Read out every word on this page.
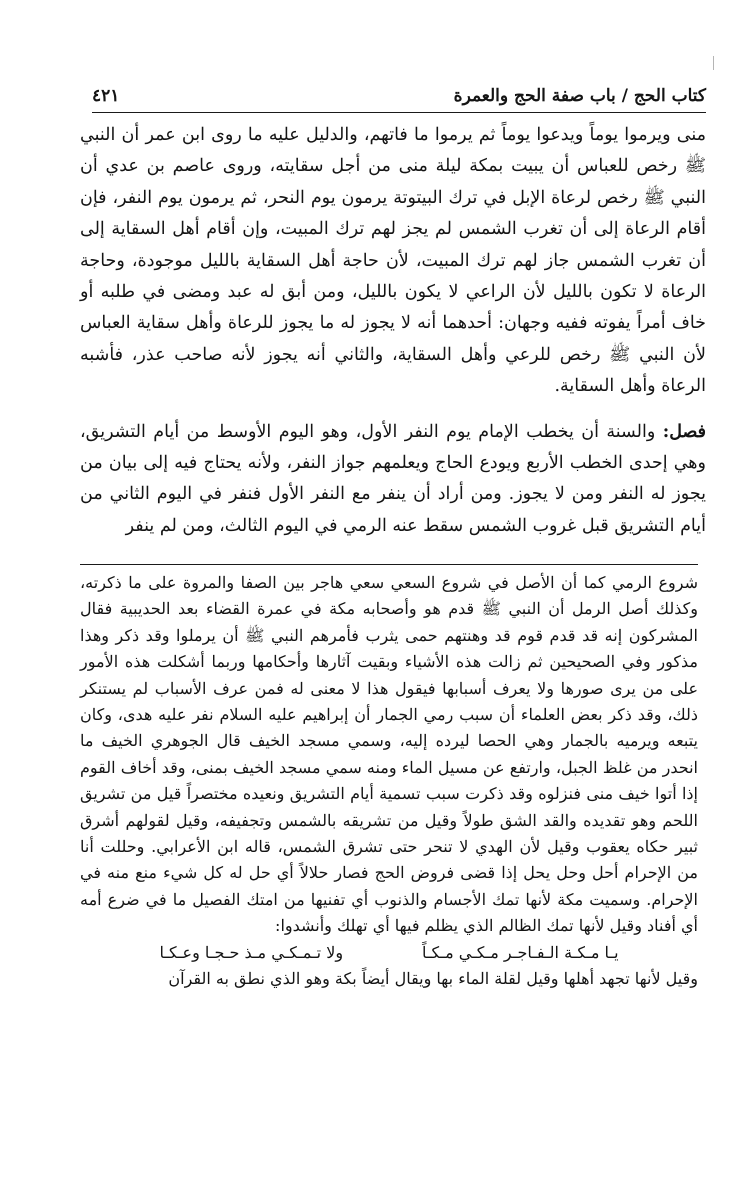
كتاب الحج / باب صفة الحج والعمرة
٤٢١

منى ويرموا يوماً ويدعوا يوماً ثم يرموا ما فاتهم، والدليل عليه ما روى ابن عمر أن النبي ﷺ رخص للعباس أن يبيت بمكة ليلة منى من أجل سقايته، وروى عاصم بن عدي أن النبي ﷺ رخص لرعاة الإبل في ترك البيتوتة يرمون يوم النحر، ثم يرمون يوم النفر، فإن أقام الرعاة إلى أن تغرب الشمس لم يجز لهم ترك المبيت، وإن أقام أهل السقاية إلى أن تغرب الشمس جاز لهم ترك المبيت، لأن حاجة أهل السقاية بالليل موجودة، وحاجة الرعاة لا تكون بالليل لأن الراعي لا يكون بالليل، ومن أبق له عبد ومضى في طلبه أو خاف أمراً يفوته ففيه وجهان: أحدهما أنه لا يجوز له ما يجوز للرعاة وأهل سقاية العباس لأن النبي ﷺ رخص للرعي وأهل السقاية، والثاني أنه يجوز لأنه صاحب عذر، فأشبه الرعاة وأهل السقاية.

فصل: والسنة أن يخطب الإمام يوم النفر الأول، وهو اليوم الأوسط من أيام التشريق، وهي إحدى الخطب الأربع ويودع الحاج ويعلمهم جواز النفر، ولأنه يحتاج فيه إلى بيان من يجوز له النفر ومن لا يجوز. ومن أراد أن ينفر مع النفر الأول فنفر في اليوم الثاني من أيام التشريق قبل غروب الشمس سقط عنه الرمي في اليوم الثالث، ومن لم ينفر

شروع الرمي كما أن الأصل في شروع السعي سعي هاجر بين الصفا والمروة على ما ذكرته، وكذلك أصل الرمل أن النبي ﷺ قدم هو وأصحابه مكة في عمرة القضاء بعد الحديبية فقال المشركون إنه قد قدم قوم قد وهنتهم حمى يثرب فأمرهم النبي ﷺ أن يرملوا وقد ذكر وهذا مذكور وفي الصحيحين ثم زالت هذه الأشياء وبقيت آثارها وأحكامها وربما أشكلت هذه الأمور على من يرى صورها ولا يعرف أسبابها فيقول هذا لا معنى له فمن عرف الأسباب لم يستنكر ذلك، وقد ذكر بعض العلماء أن سبب رمي الجمار أن إبراهيم عليه السلام نفر عليه هدى، وكان يتبعه ويرميه بالجمار وهي الحصا ليرده إليه، وسمي مسجد الخيف قال الجوهري الخيف ما انحدر من غلظ الجبل، وارتفع عن مسيل الماء ومنه سمي مسجد الخيف بمنى، وقد أخاف القوم إذا أتوا خيف منى فنزلوه وقد ذكرت سبب تسمية أيام التشريق ونعيده مختصراً قيل من تشريق اللحم وهو تقديده والقد الشق طولاً وقيل من تشريقه بالشمس وتجفيفه، وقيل لقولهم أشرق ثبير حكاه يعقوب وقيل لأن الهدي لا تنحر حتى تشرق الشمس، قاله ابن الأعرابي. وحللت أنا من الإحرام أحل وحل يحل إذا قضى فروض الحج فصار حلالاً أي حل له كل شيء منع منه في الإحرام. وسميت مكة لأنها تمك الأجسام والذنوب أي تفنيها من امتك الفصيل ما في ضرع أمه أي أفناد وقيل لأنها تمك الظالم الذي يظلم فيها أي تهلك وأنشدوا:

يـا مـكـة الـفـاجـر مـكـي مـكـاً
ولا تـمـكـي مـذ حـجـا وعـكـا

وقيل لأنها تجهد أهلها وقيل لقلة الماء بها ويقال أيضاً بكة وهو الذي نطق به القرآن
